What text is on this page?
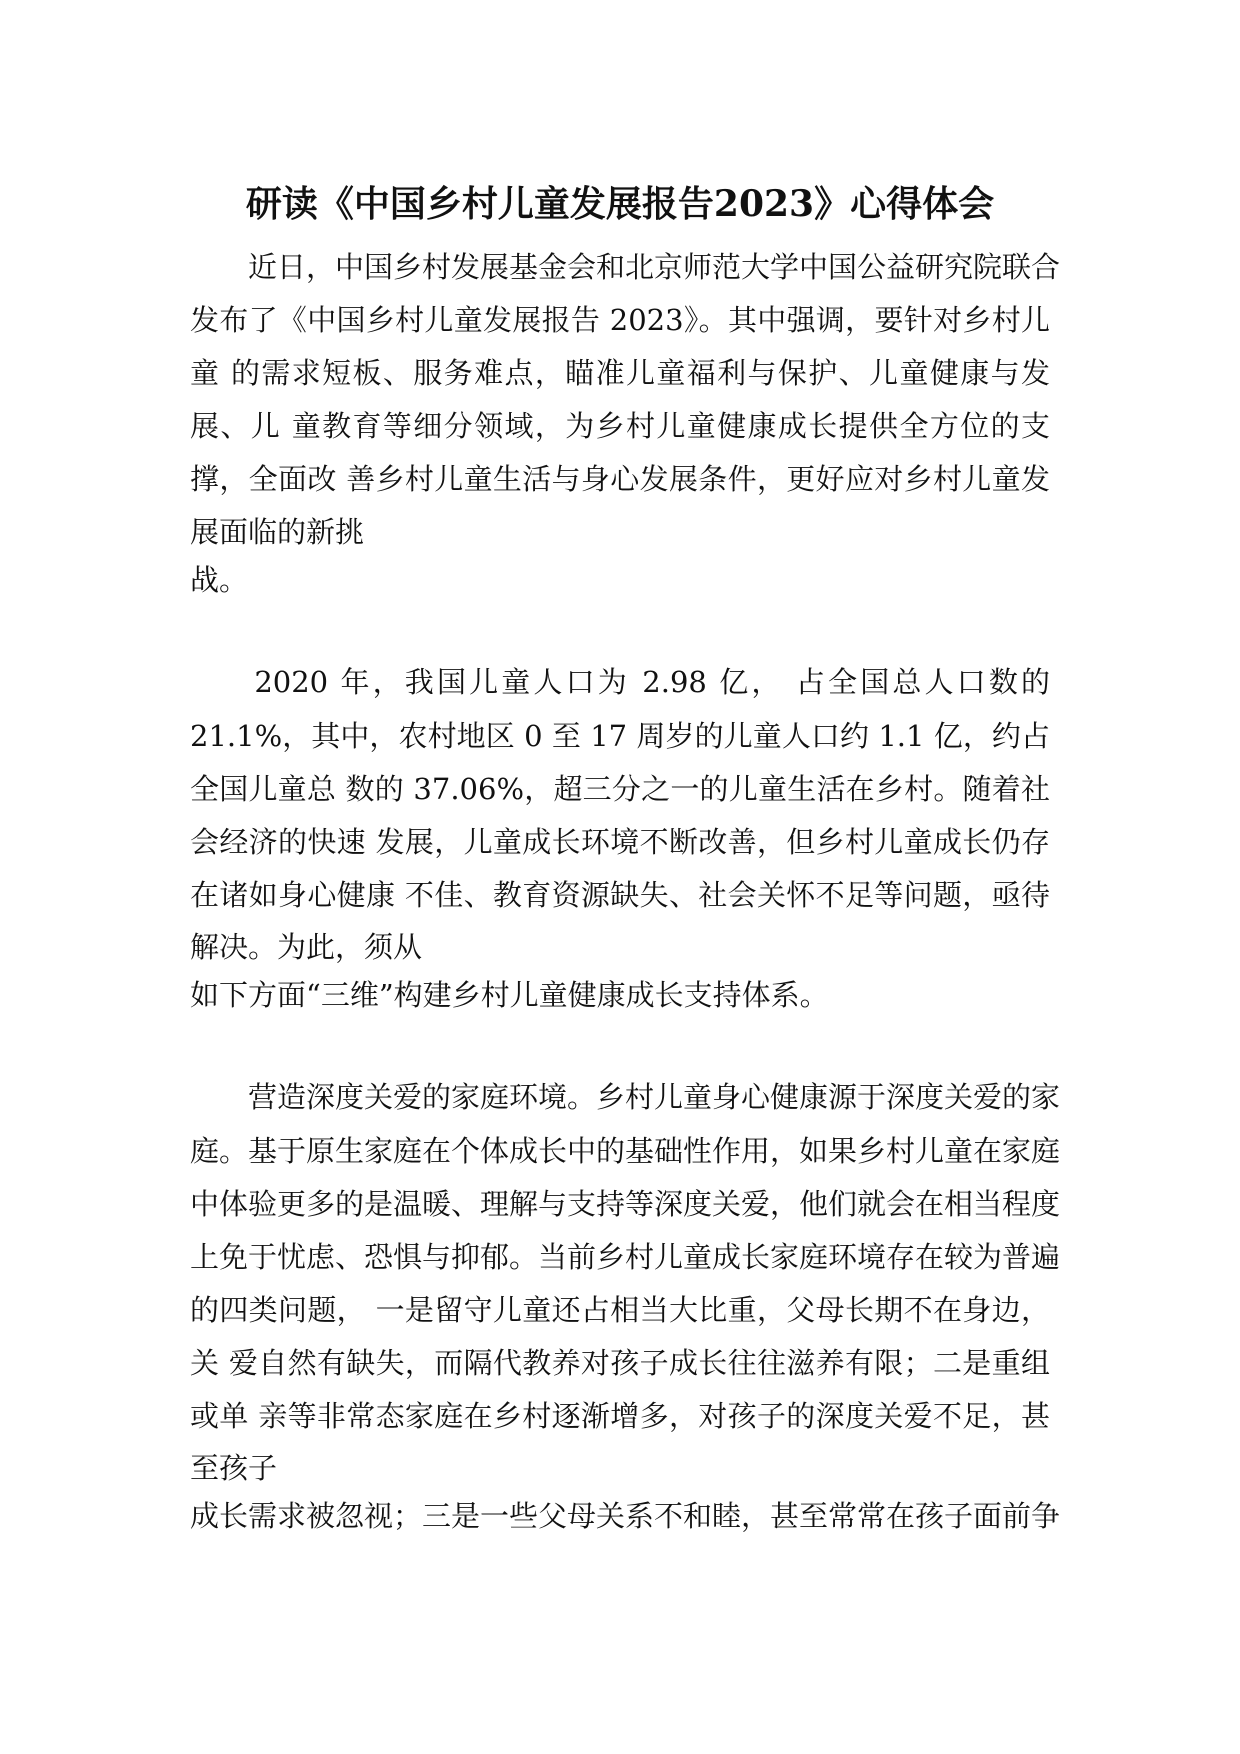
研读《中国乡村儿童发展报告2023》心得体会

　　近日，中国乡村发展基金会和北京师范大学中国公益研究院联合

发布了《中国乡村儿童发展报告 2023》。其中强调，要针对乡村儿

童 的需求短板、服务难点，瞄准儿童福利与保护、儿童健康与发

展、儿 童教育等细分领域，为乡村儿童健康成长提供全方位的支

撑，全面改 善乡村儿童生活与身心发展条件，更好应对乡村儿童发

展面临的新挑

战。

　　2020 年，我国儿童人口为 2.98 亿， 占全国总人口数的

21.1%，其中，农村地区 0 至 17 周岁的儿童人口约 1.1 亿，约占

全国儿童总 数的 37.06%，超三分之一的儿童生活在乡村。随着社

会经济的快速 发展，儿童成长环境不断改善，但乡村儿童成长仍存

在诸如身心健康 不佳、教育资源缺失、社会关怀不足等问题，亟待

解决。为此，须从

如下方面“三维”构建乡村儿童健康成长支持体系。

　　营造深度关爱的家庭环境。乡村儿童身心健康源于深度关爱的家

庭。基于原生家庭在个体成长中的基础性作用，如果乡村儿童在家庭

中体验更多的是温暖、理解与支持等深度关爱，他们就会在相当程度

上免于忧虑、恐惧与抑郁。当前乡村儿童成长家庭环境存在较为普遍

的四类问题， 一是留守儿童还占相当大比重，父母长期不在身边，

关 爱自然有缺失，而隔代教养对孩子成长往往滋养有限；二是重组

或单 亲等非常态家庭在乡村逐渐增多，对孩子的深度关爱不足，甚

至孩子

成长需求被忽视；三是一些父母关系不和睦，甚至常常在孩子面前争
